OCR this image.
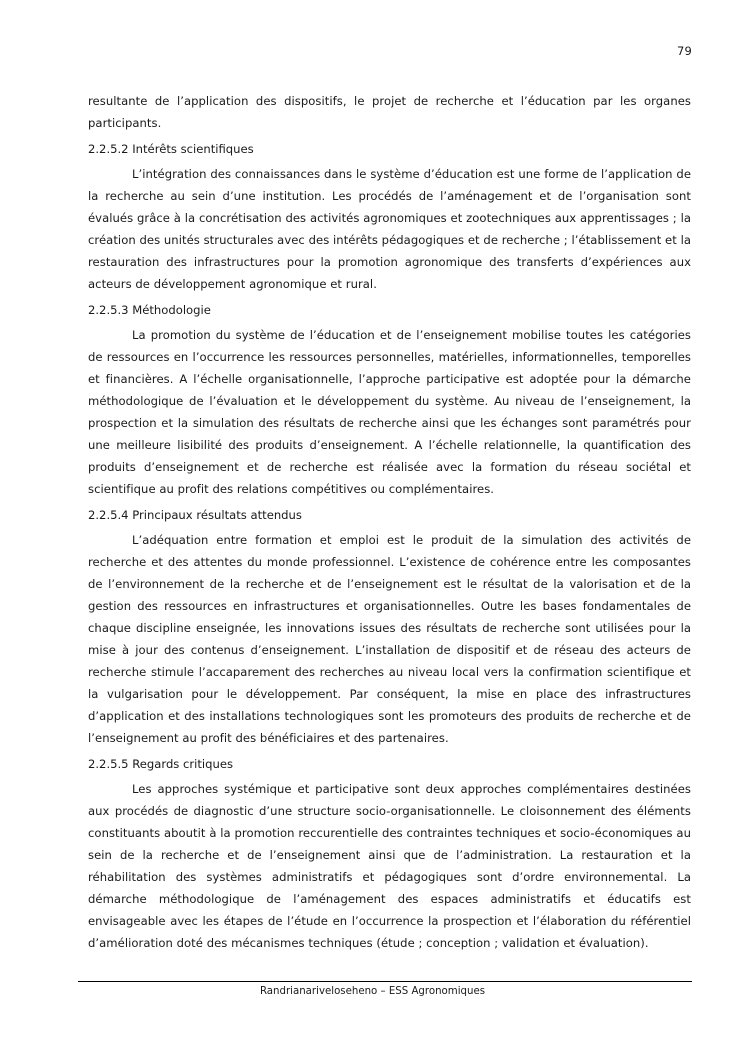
79

resultante de l’application des dispositifs, le projet de recherche et l’éducation par les organes participants.

2.2.5.2 Intérêts scientifiques

L’intégration des connaissances dans le système d’éducation est une forme de l’application de la recherche au sein d’une institution. Les procédés de l’aménagement et de l’organisation sont évalués grâce à la concrétisation des activités agronomiques et zootechniques aux apprentissages ; la création des unités structurales avec des intérêts pédagogiques et de recherche ; l’établissement et la restauration des infrastructures pour la promotion agronomique des transferts d’expériences aux acteurs de développement agronomique et rural.

2.2.5.3 Méthodologie

La promotion du système de l’éducation et de l’enseignement mobilise toutes les catégories de ressources en l’occurrence les ressources personnelles, matérielles, informationnelles, temporelles et financières. A l’échelle organisationnelle, l’approche participative est adoptée pour la démarche méthodologique de l’évaluation et le développement du système. Au niveau de l’enseignement, la prospection et la simulation des résultats de recherche ainsi que les échanges sont paramétrés pour une meilleure lisibilité des produits d’enseignement. A l’échelle relationnelle, la quantification des produits d’enseignement et de recherche est réalisée avec la formation du réseau sociétal et scientifique au profit des relations compétitives ou complémentaires.

2.2.5.4 Principaux résultats attendus

L’adéquation entre formation et emploi est le produit de la simulation des activités de recherche et des attentes du monde professionnel. L’existence de cohérence entre les composantes de l’environnement de la recherche et de l’enseignement est le résultat de la valorisation et de la gestion des ressources en infrastructures et organisationnelles. Outre les bases fondamentales de chaque discipline enseignée, les innovations issues des résultats de recherche sont utilisées pour la mise à jour des contenus d’enseignement. L’installation de dispositif et de réseau des acteurs de recherche stimule l’accaparement des recherches au niveau local vers la confirmation scientifique et la vulgarisation pour le développement. Par conséquent, la mise en place des infrastructures d’application et des installations technologiques sont les promoteurs des produits de recherche et de l’enseignement au profit des bénéficiaires et des partenaires.

2.2.5.5 Regards critiques

Les approches systémique et participative sont deux approches complémentaires destinées aux procédés de diagnostic d’une structure socio-organisationnelle. Le cloisonnement des éléments constituants aboutit à la promotion reccurentielle des contraintes techniques et socio-économiques au sein de la recherche et de l’enseignement ainsi que de l’administration. La restauration et la réhabilitation des systèmes administratifs et pédagogiques sont d’ordre environnemental. La démarche méthodologique de l’aménagement des espaces administratifs et éducatifs est envisageable avec les étapes de l’étude en l’occurrence la prospection et l’élaboration du référentiel d’amélioration doté des mécanismes techniques (étude ; conception ; validation et évaluation).

Randrianariveloseheno – ESS Agronomiques
